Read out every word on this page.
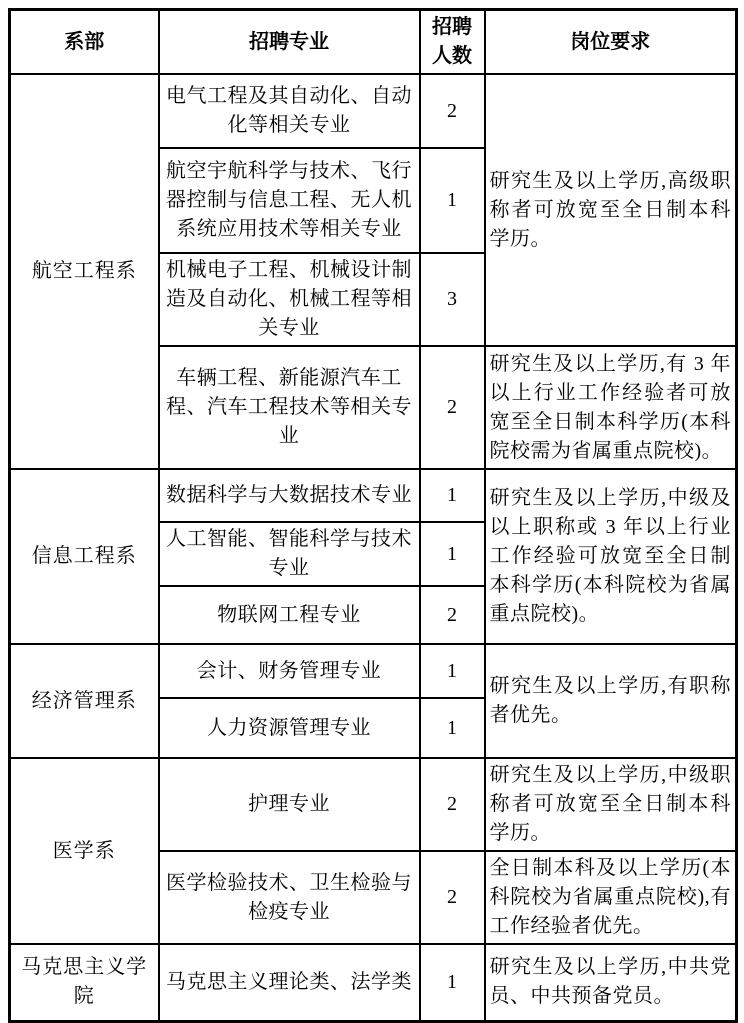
系部	招聘专业	招聘人数	岗位要求
航空工程系	电气工程及其自动化、自动化等相关专业	2	研究生及以上学历,高级职称者可放宽至全日制本科学历。
	航空宇航科学与技术、飞行器控制与信息工程、无人机系统应用技术等相关专业	1	
	机械电子工程、机械设计制造及自动化、机械工程等相关专业	3	
	车辆工程、新能源汽车工程、汽车工程技术等相关专业	2	研究生及以上学历,有 3 年以上行业工作经验者可放宽至全日制本科学历(本科院校需为省属重点院校)。
信息工程系	数据科学与大数据技术专业	1	研究生及以上学历,中级及以上职称或 3 年以上行业工作经验可放宽至全日制本科学历(本科院校为省属重点院校)。
	人工智能、智能科学与技术专业	1	
	物联网工程专业	2	
经济管理系	会计、财务管理专业	1	研究生及以上学历,有职称者优先。
	人力资源管理专业	1	
医学系	护理专业	2	研究生及以上学历,中级职称者可放宽至全日制本科学历。
	医学检验技术、卫生检验与检疫专业	2	全日制本科及以上学历(本科院校为省属重点院校),有工作经验者优先。
马克思主义学院	马克思主义理论类、法学类	1	研究生及以上学历,中共党员、中共预备党员。
